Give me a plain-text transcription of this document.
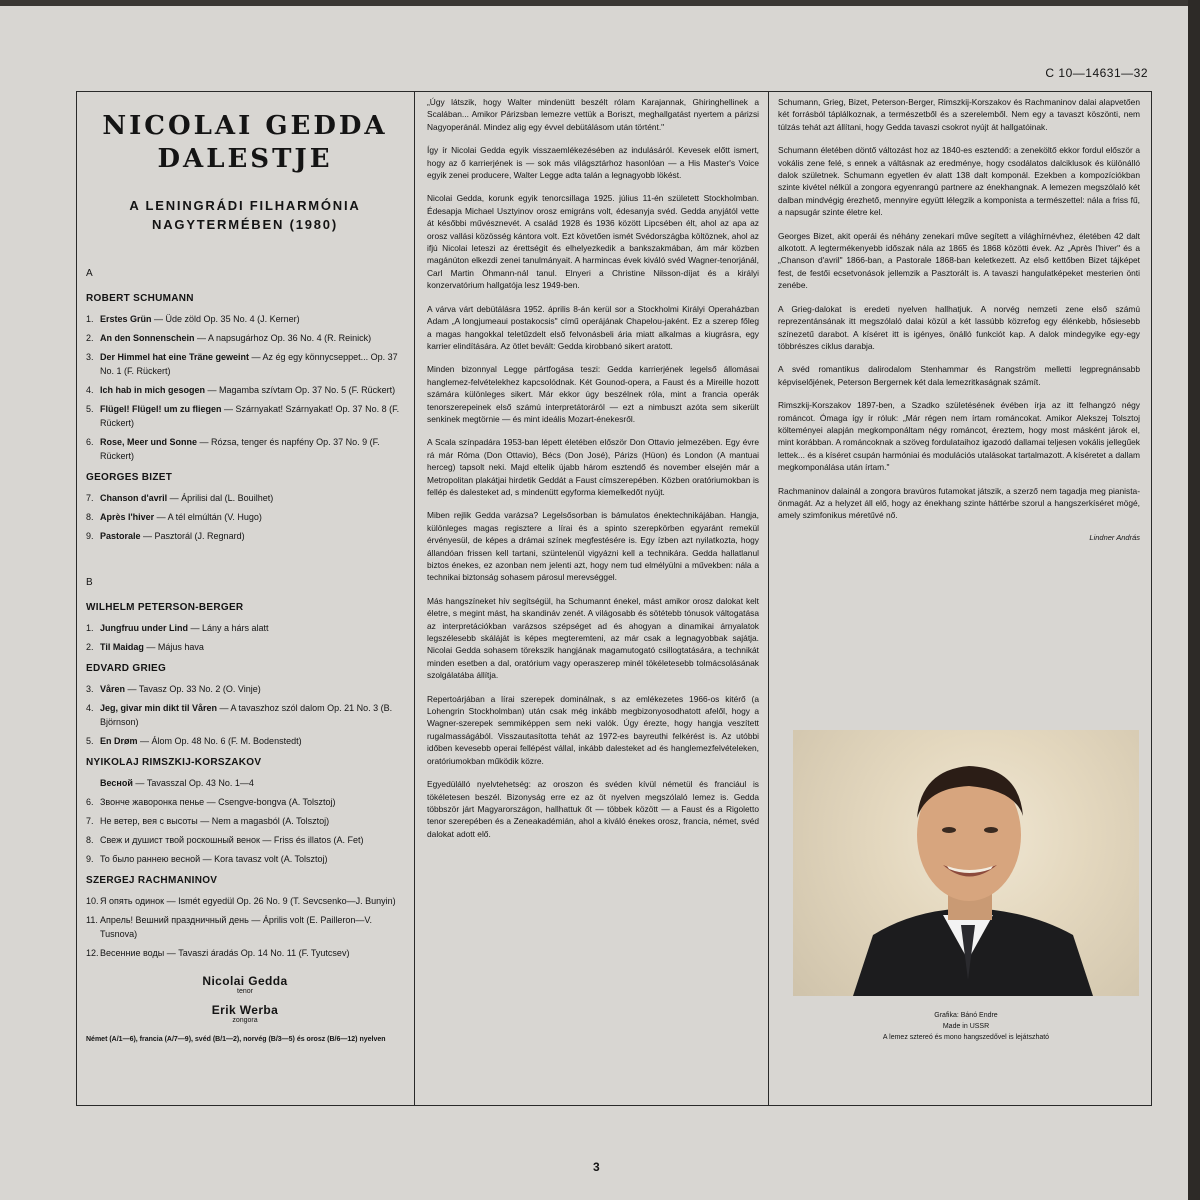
C 10—14631—32
NICOLAI GEDDA
DALESTJE
A LENINGRÁDI FILHARMÓNIA
NAGYTERMÉBEN (1980)
A
ROBERT SCHUMANN
1. Erstes Grün — Üde zöld Op. 35 No. 4 (J. Kerner)
2. An den Sonnenschein — A napsugárhoz Op. 36 No. 4 (R. Reinick)
3. Der Himmel hat eine Träne geweint — Az ég egy könnycseppet... Op. 37 No. 1 (F. Rückert)
4. Ich hab in mich gesogen — Magamba szívtam Op. 37 No. 5 (F. Rückert)
5. Flügel! Flügel! um zu fliegen — Szárnyakat! Szárnyakat! Op. 37 No. 8 (F. Rückert)
6. Rose, Meer und Sonne — Rózsa, tenger és napfény Op. 37 No. 9 (F. Rückert)
GEORGES BIZET
7. Chanson d'avril — Áprilisi dal (L. Bouilhet)
8. Après l'hiver — A tél elmúltán (V. Hugo)
9. Pastorale — Pasztorál (J. Regnard)
B
WILHELM PETERSON-BERGER
1. Jungfruu under Lind — Lány a hárs alatt
2. Til Maidag — Május hava
EDVARD GRIEG
3. Våren — Tavasz Op. 33 No. 2 (O. Vinje)
4. Jeg, givar min dikt til Våren — A tavaszhoz szól dalom Op. 21 No. 3 (B. Björnson)
5. En Drøm — Álom Op. 48 No. 6 (F. M. Bodenstedt)
NYIKOLAJ RIMSZKIJ-KORSZAKOV
Весной — Tavasszal Op. 43 No. 1—4
6. Звонче жаворонка пенье — Csengve-bongva (A. Tolsztoj)
7. Не ветер, вея с высоты — Nem a magasból (A. Tolsztoj)
8. Свеж и душист твой роскошный венок — Friss és illatos (A. Fet)
9. То было раннею весной — Kora tavasz volt (A. Tolsztoj)
SZERGEJ RACHMANINOV
10. Я опять одинок — Ismét egyedül Op. 26 No. 9 (T. Sevcsenko—J. Bunyin)
11. Апрель! Вешний праздничный день — Április volt (E. Pailleron—V. Tusnova)
12. Весенние воды — Tavaszi áradás Op. 14 No. 11 (F. Tyutcsev)
Nicolai Gedda
tenor
Erik Werba
zongora
Német (A/1—6), francia (A/7—9), svéd (B/1—2), norvég (B/3—5) és orosz (B/6—12) nyelven

„Úgy látszik, hogy Walter mindenütt beszélt rólam Karajannak, Ghiringhellinek a Scalában... Amikor Párizsban lemezre vettük a Boriszt, meghallgatást nyertem a párizsi Nagyoperánál. Mindez alig egy évvel debütálásom után történt."

Így ír Nicolai Gedda egyik visszaemlékezésében az indulásáról. Kevesek előtt ismert, hogy az ő karrierjének is — sok más világsztárhoz hasonlóan — a His Master's Voice egyik zenei producere, Walter Legge adta talán a legnagyobb lökést.

Nicolai Gedda, korunk egyik tenorcsillaga 1925. július 11-én született Stockholmban. Édesapja Michael Usztyinov orosz emigráns volt, édesanyja svéd. Gedda anyjától vette át későbbi művésznevét. A család 1928 és 1936 között Lipcsében élt, ahol az apa az orosz vallási közösség kántora volt. Ezt követően ismét Svédországba költöznek, ahol az ifjú Nicolai leteszi az érettségit és elhelyezkedik a bankszakmában, ám már közben magánúton elkezdi zenei tanulmányait. A harmincas évek kiváló svéd Wagner-tenorjánál, Carl Martin Öhmann-nál tanul. Elnyeri a Christine Nilsson-díjat és a királyi konzervatórium hallgatója lesz 1949-ben.

A várva várt debütálásra 1952. április 8-án kerül sor a Stockholmi Királyi Operaházban Adam „A longjumeaui postakocsis" című operájának Chapelou-jaként. Ez a szerep főleg a magas hangokkal teletűzdelt első felvonásbeli ária miatt alkalmas a kiugrásra, egy karrier elindítására. Az ötlet bevált: Gedda kirobbanó sikert aratott.

Minden bizonnyal Legge pártfogása teszi: Gedda karrierjének legelső állomásai hanglemez-felvételekhez kapcsolódnak. Két Gounod-opera, a Faust és a Mireille hozott számára különleges sikert. Már ekkor úgy beszélnek róla, mint a francia operák tenorszerepeinek első számú interpretátoráról — ezt a nimbuszt azóta sem sikerült senkinek megtörnie — és mint ideális Mozart-énekesről.

A Scala színpadára 1953-ban lépett életében először Don Ottavio jelmezében. Egy évre rá már Róma (Don Ottavio), Bécs (Don José), Párizs (Hüon) és London (A mantuai herceg) tapsolt neki. Majd eltelik újabb három esztendő és november elsején már a Metropolitan plakátjai hirdetik Geddát a Faust címszerepében. Közben oratóriumokban is fellép és dalesteket ad, s mindenütt egyforma kiemelkedőt nyújt.

Miben rejlik Gedda varázsa? Legelsősorban is bámulatos énektechnikájában. Hangja, különleges magas regisztere a lírai és a spinto szerepkörben egyaránt remekül érvényesül, de képes a drámai színek megfestésére is. Egy ízben azt nyilatkozta, hogy állandóan frissen kell tartani, szüntelenül vigyázni kell a technikára. Gedda hallatlanul biztos énekes, ez azonban nem jelenti azt, hogy nem tud elmélyülni a művekben: nála a technikai biztonság sohasem párosul merevséggel.

Más hangszíneket hív segítségül, ha Schumannt énekel, mást amikor orosz dalokat kelt életre, s megint mást, ha skandináv zenét. A világosabb és sötétebb tónusok váltogatása az interpretációkban varázsos szépséget ad és ahogyan a dinamikai árnyalatok legszélesebb skáláját is képes megteremteni, az már csak a legnagyobbak sajátja. Nicolai Gedda sohasem törekszik hangjának magamutogató csillogtatására, a technikát minden esetben a dal, oratórium vagy operaszerep minél tökéletesebb tolmácsolásának szolgálatába állítja.

Repertoárjában a lírai szerepek dominálnak, s az emlékezetes 1966-os kitérő (a Lohengrin Stockholmban) után csak még inkább megbizonyosodhatott afelől, hogy a Wagner-szerepek semmiképpen sem neki valók. Úgy érezte, hogy hangja veszített rugalmasságából. Visszautasította tehát az 1972-es bayreuthi felkérést is. Az utóbbi időben kevesebb operai fellépést vállal, inkább dalesteket ad és hanglemezfelvételeken, oratóriumokban működik közre.

Egyedülálló nyelvtehetség: az oroszon és svéden kívül németül és franciául is tökéletesen beszél. Bizonyság erre ez az öt nyelven megszólaló lemez is. Gedda többször járt Magyarországon, hallhattuk őt — többek között — a Faust és a Rigoletto tenor szerepében és a Zeneakadémián, ahol a kiváló énekes orosz, francia, német, svéd dalokat adott elő.

Schumann, Grieg, Bizet, Peterson-Berger, Rimszkij-Korszakov és Rachmaninov dalai alapvetően két forrásból táplálkoznak, a természetből és a szerelemből. Nem egy a tavaszt köszönti, nem túlzás tehát azt állítani, hogy Gedda tavaszi csokrot nyújt át hallgatóinak.

Schumann életében döntő változást hoz az 1840-es esztendő: a zeneköltő ekkor fordul először a vokális zene felé, s ennek a váltásnak az eredménye, hogy csodálatos dalciklusok és különálló dalok születnek. Schumann egyetlen év alatt 138 dalt komponál. Ezekben a kompozíciókban szinte kivétel nélkül a zongora egyenrangú partnere az énekhangnak. A lemezen megszólaló két dalban mindvégig érezhető, mennyire együtt lélegzik a komponista a természettel: nála a friss fű, a napsugár szinte életre kel.

Georges Bizet, akit operái és néhány zenekari műve segített a világhírnévhez, életében 42 dalt alkotott. A legtermékenyebb időszak nála az 1865 és 1868 közötti évek. Az „Après l'hiver" és a „Chanson d'avril" 1866-ban, a Pastorale 1868-ban keletkezett. Az első kettőben Bizet tájképet fest, de festői ecsetvonások jellemzik a Pasztorált is. A tavaszi hangulatképeket mesterien önti zenébe.

A Grieg-dalokat is eredeti nyelven hallhatjuk. A norvég nemzeti zene első számú reprezentánsának itt megszólaló dalai közül a két lassúbb közrefog egy élénkebb, hősiesebb színezetű darabot. A kíséret itt is igényes, önálló funkciót kap. A dalok mindegyike egy-egy többrészes ciklus darabja.

A svéd romantikus dalirodalom Stenhammar és Rangström melletti legpregnánsabb képviselőjének, Peterson Bergernek két dala lemezritkaságnak számít.

Rimszkij-Korszakov 1897-ben, a Szadko születésének évében írja az itt felhangzó négy románcot. Ómaga így ír róluk: „Már régen nem írtam románcokat. Amikor Alekszej Tolsztoj költeményei alapján megkomponáltam négy románcot, éreztem, hogy most másként járok el, mint korábban. A románcoknak a szöveg fordulataihoz igazodó dallamai teljesen vokális jellegűek lettek... és a kíséret csupán harmóniai és modulációs utalásokat tartalmazott. A kíséretet a dallam megkomponálása után írtam."

Rachmaninov dalainál a zongora bravúros futamokat játszik, a szerző nem tagadja meg pianista-önmagát. Az a helyzet áll elő, hogy az énekhang szinte háttérbe szorul a hangszerkíséret mögé, amely szimfonikus méretűvé nő.

Lindner András
Grafika: Bánó Endre
Made in USSR
A lemez sztereó és mono hangszedővel is lejátszható
3
